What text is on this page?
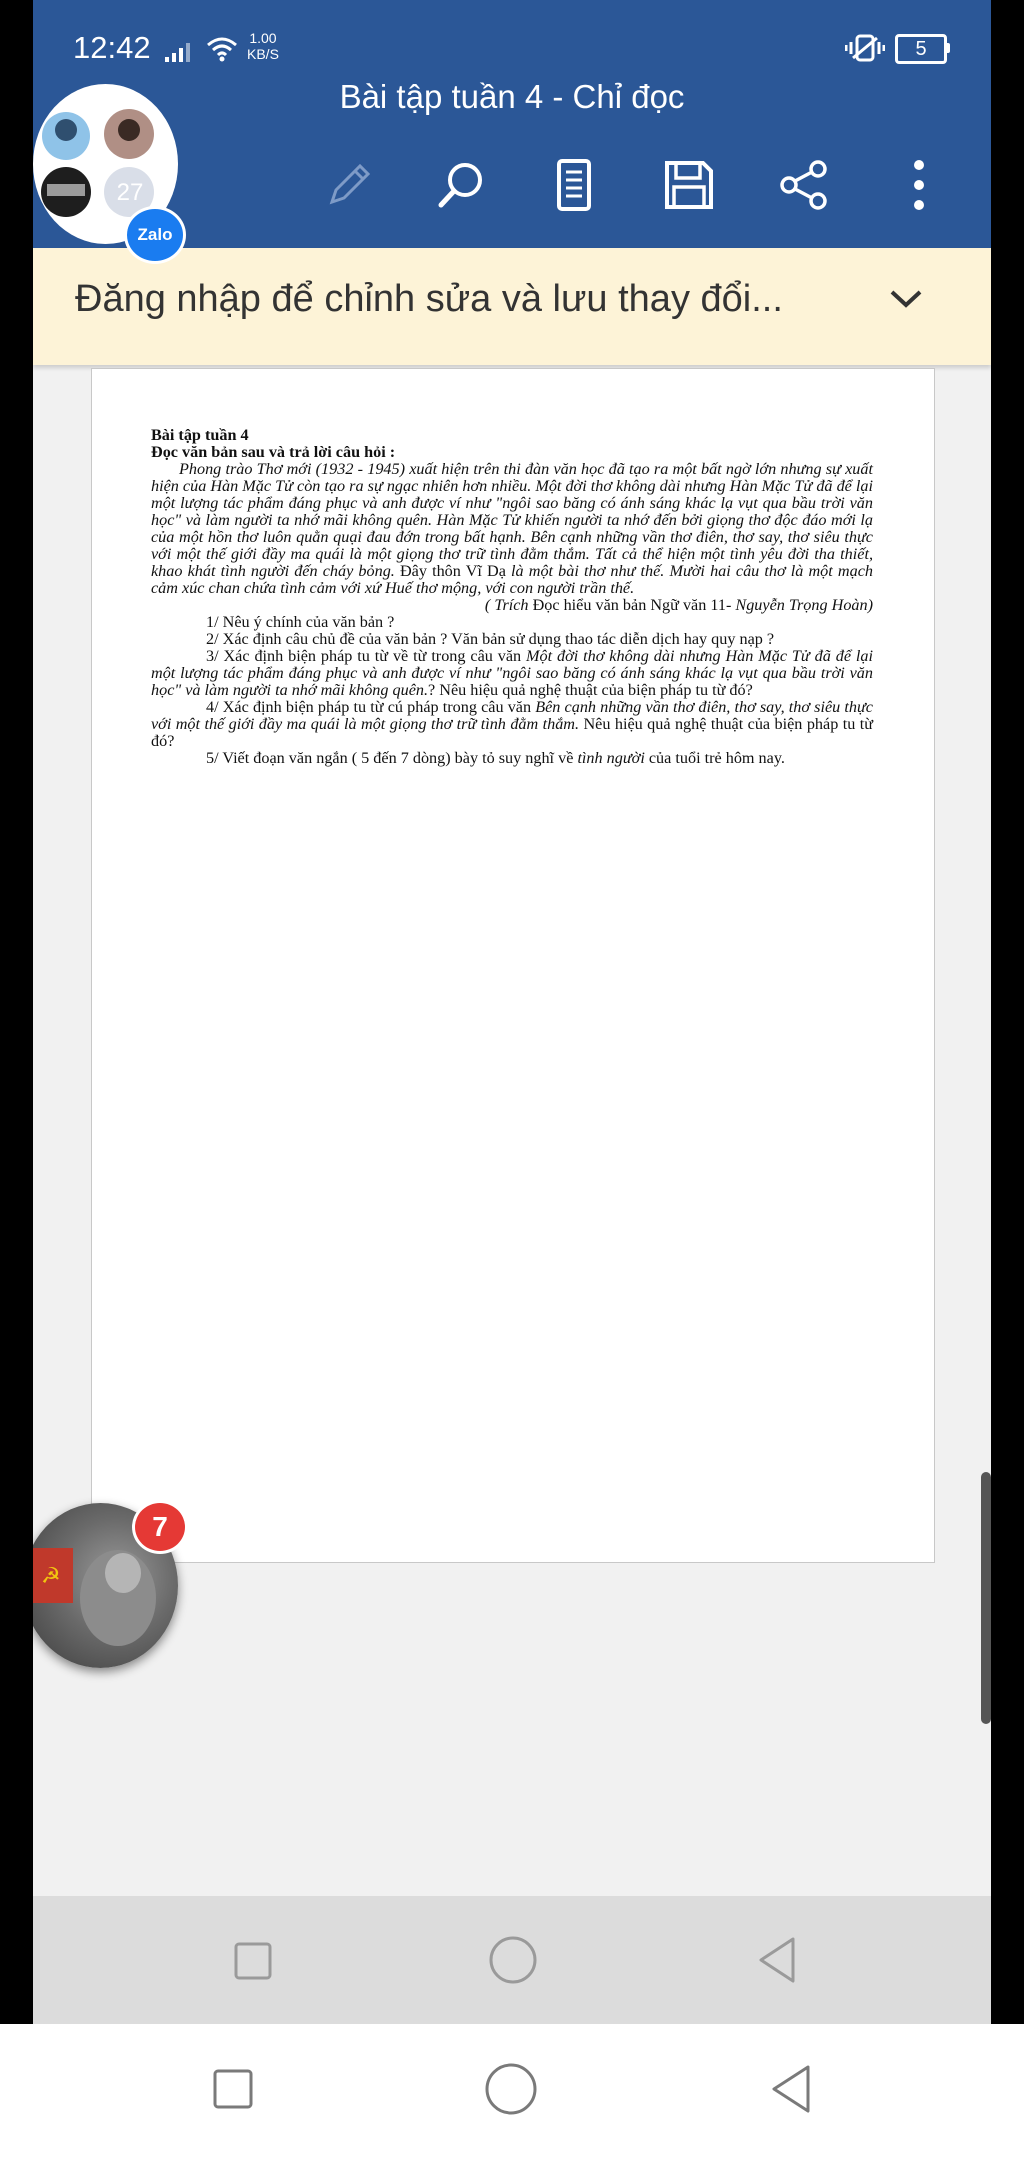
12:42	1.00
KB/S	5
Bài tập tuần 4 - Chỉ đọc
Đăng nhập để chỉnh sửa và lưu thay đổi...

Bài tập tuần 4

Đọc văn bản sau và trả lời câu hỏi :

Phong trào Thơ mới (1932 - 1945) xuất hiện trên thi đàn văn học đã tạo ra một bất ngờ lớn nhưng sự xuất hiện của Hàn Mặc Tử còn tạo ra sự ngạc nhiên hơn nhiều. Một đời thơ không dài nhưng Hàn Mặc Tử đã để lại một lượng tác phẩm đáng phục và anh được ví như "ngôi sao băng có ánh sáng khác lạ vụt qua bầu trời văn học" và làm người ta nhớ mãi không quên. Hàn Mặc Tử khiến người ta nhớ đến bởi giọng thơ độc đáo mới lạ của một hồn thơ luôn quằn quại đau đớn trong bất hạnh. Bên cạnh những vần thơ điên, thơ say, thơ siêu thực với một thế giới đầy ma quái là một giọng thơ trữ tình đằm thắm. Tất cả thể hiện một tình yêu đời tha thiết, khao khát tình người đến cháy bỏng. Đây thôn Vĩ Dạ là một bài thơ như thế. Mười hai câu thơ là một mạch cảm xúc chan chứa tình cảm với xứ Huế thơ mộng, với con người trần thế.

( Trích Đọc hiểu văn bản Ngữ văn 11- Nguyễn Trọng Hoàn)

1/ Nêu ý chính của văn bản ?

2/ Xác định câu chủ đề của văn bản ? Văn bản sử dụng thao tác diễn dịch hay quy nạp ?

3/ Xác định biện pháp tu từ về từ trong câu văn Một đời thơ không dài nhưng Hàn Mặc Tử đã để lại một lượng tác phẩm đáng phục và anh được ví như "ngôi sao băng có ánh sáng khác lạ vụt qua bầu trời văn học" và làm người ta nhớ mãi không quên.? Nêu hiệu quả nghệ thuật của biện pháp tu từ đó?

4/ Xác định biện pháp tu từ cú pháp trong câu văn Bên cạnh những vần thơ điên, thơ say, thơ siêu thực với một thế giới đầy ma quái là một giọng thơ trữ tình đằm thắm. Nêu hiệu quả nghệ thuật của biện pháp tu từ đó?

5/ Viết đoạn văn ngắn ( 5 đến 7 dòng) bày tỏ suy nghĩ về tình người của tuổi trẻ hôm nay.

27
Zalo
☭
7
